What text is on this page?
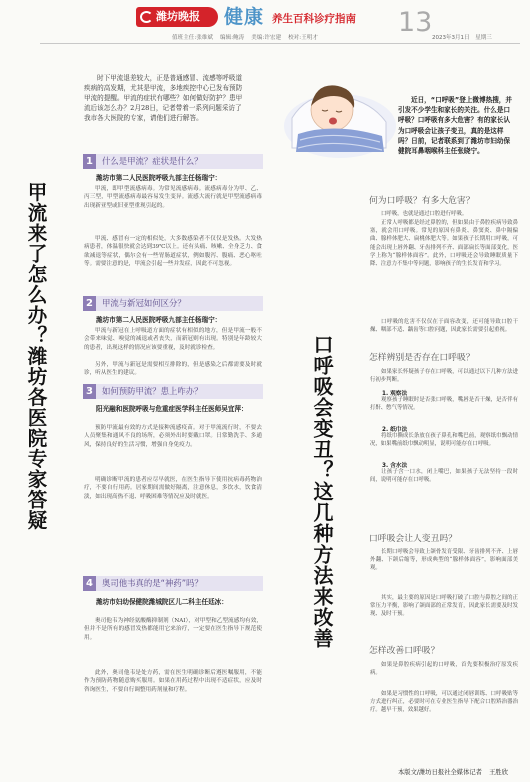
潍坊晚报	健康 养生百科诊疗指南 13
值班主任:张维斌 编辑:鲍涛 美编:许宏建 校对:王明才	2023年3月1日 星期三
甲流来了怎么办？潍坊各医院专家答疑
时下甲流退差较大，正是普通感冒、流感等呼吸道疾病的高发期，尤其是甲流，多地疾控中心已发布预防甲流的提醒。甲流的症状有哪些？如何做好防护？患甲流后该怎么办？2月28日，记者带着一系列问题采访了我市各大医院的专家，请他们进行解答。
1	什么是甲流？症状是什么？
潍坊市第二人民医院呼吸九部主任杨瑞宁：
甲流，即甲型流感病毒。为常见流感病毒。流感病毒分为甲、乙、丙三型，甲型流感病毒最容易发生变异。流感大流行就是甲型流感病毒出现新亚型或旧亚型重现引起的。
甲流、感冒有一定的相似处，大多数感染者不仅仅是发热。大发热病患者，体温很快就会达到39℃以上。还有头痛、咳嗽、全身乏力、食欲减退等症状，偶尔会有一些胃肠道症状，例如腹泻、腹痛、恶心呕吐等。需要注意的是，甲流会引起一些并发症，因此不可忽视。
2	甲流与新冠如何区分？
潍坊市第二人民医院呼吸九部主任杨瑞宁：
甲流与新冠在上呼吸道方面的症状有相似的地方，但是甲流一般不会带来味觉、嗅觉的减退或者丧失，而新冠则有出现。特别是年龄较大的患者，出现这样的情况应该要重视，及时就诊检查。
另外，甲流与新冠是需要相互排除的，但是感染之后都需要及时就诊，听从医生的建议。
3	如何预防甲流？患上咋办？
阳光融和医院呼吸与危重症医学科主任医师吴宜萍：
预防甲流最有效的方式是接种流感疫苗。对于甲流流行时，不要去人员聚集和通风不良的场所，必须外出时要戴口罩。日常勤洗手、多通风，保持良好的生活习惯，增强自身免疫力。
明确诊断甲流的患者应尽早就医，在医生指导下使用抗病毒药物治疗，不要自行用药。居家期间需做好隔离，注意休息，多饮水，饮食清淡，如出现高热不退、呼吸困难等情况应及时就医。
4	奥司他韦真的是“神药”吗？
潍坊市妇幼保健院潍城院区儿二科主任廷冰：
奥司他韦为神经氨酸酶抑制剂（NAI），对甲型和乙型流感均有效，但并不是所有的感冒发热都能用它来治疗，一定要在医生指导下规范使用。
此外，奥司他韦是处方药，需在医生明确诊断后遵医嘱服用，不能作为预防药物随意购买服用。如果在用药过程中出现不适症状，应及时咨询医生，不要自行调整用药剂量和疗程。
近日，“口呼吸”登上微博热搜，并引发不少学生和家长的关注。什么是口呼吸？口呼吸有多大危害？有的家长认为口呼吸会让孩子变丑，真的是这样吗？日前，记者联系到了潍坊市妇幼保健院耳鼻咽喉科主任张晓宁。
口呼吸会变丑？这几种方法来改善
何为口呼吸？有多大危害？
口呼吸，也就是通过口腔进行呼吸。
正常人呼吸都是经过鼻腔的，但如果由于鼻腔疾病导致鼻塞，就会用口呼吸。常见的原因有鼻炎、鼻窦炎、鼻中隔偏曲、腺样体肥大、扁桃体肥大等。如果孩子长期用口呼吸，可能会出现上唇外翻、牙齿排列不齐、面部扁长等面部变化，医学上称为“腺样体面容”。此外，口呼吸还会导致睡眠质量下降、注意力不集中等问题，影响孩子的生长发育和学习。
口呼吸的危害不仅仅在于面容改变，还可能导致口腔干燥、咽部不适、龋齿等口腔问题，因此家长需要引起重视。
怎样辨别是否存在口呼吸？
如果家长怀疑孩子存在口呼吸，可以通过以下几种方法进行初步判断。
1. 观察法
观察孩子睡眠时是否张口呼吸，嘴唇是否干燥，是否伴有打鼾、憋气等情况。
2. 纸巾法
将纸巾撕成长条放在孩子鼻孔和嘴巴前，观察纸巾飘动情况，如果嘴前纸巾飘动明显，说明可能存在口呼吸。
3. 含水法
让孩子含一口水，闭上嘴巴，如果孩子无法坚持一段时间，说明可能存在口呼吸。
口呼吸会让人变丑吗？
长期口呼吸会导致上颌骨发育受限、牙齿排列不齐、上唇外翻、下颌后缩等，形成典型的“腺样体面容”，影响面部美观。
其实，最主要的原因是口呼吸打破了口腔与鼻腔之间的正常压力平衡，影响了颌面部的正常发育，因此家长需要及时发现、及时干预。
怎样改善口呼吸？
如果是鼻腔疾病引起的口呼吸，首先要积极治疗原发疾病。
如果是习惯性的口呼吸，可以通过闭唇训练、口呼吸贴等方式进行纠正，必要时可在专业医生指导下配合口腔矫治器治疗。越早干预，效果越好。
本版文/潍坊日报社全媒体记者 王胜欣
